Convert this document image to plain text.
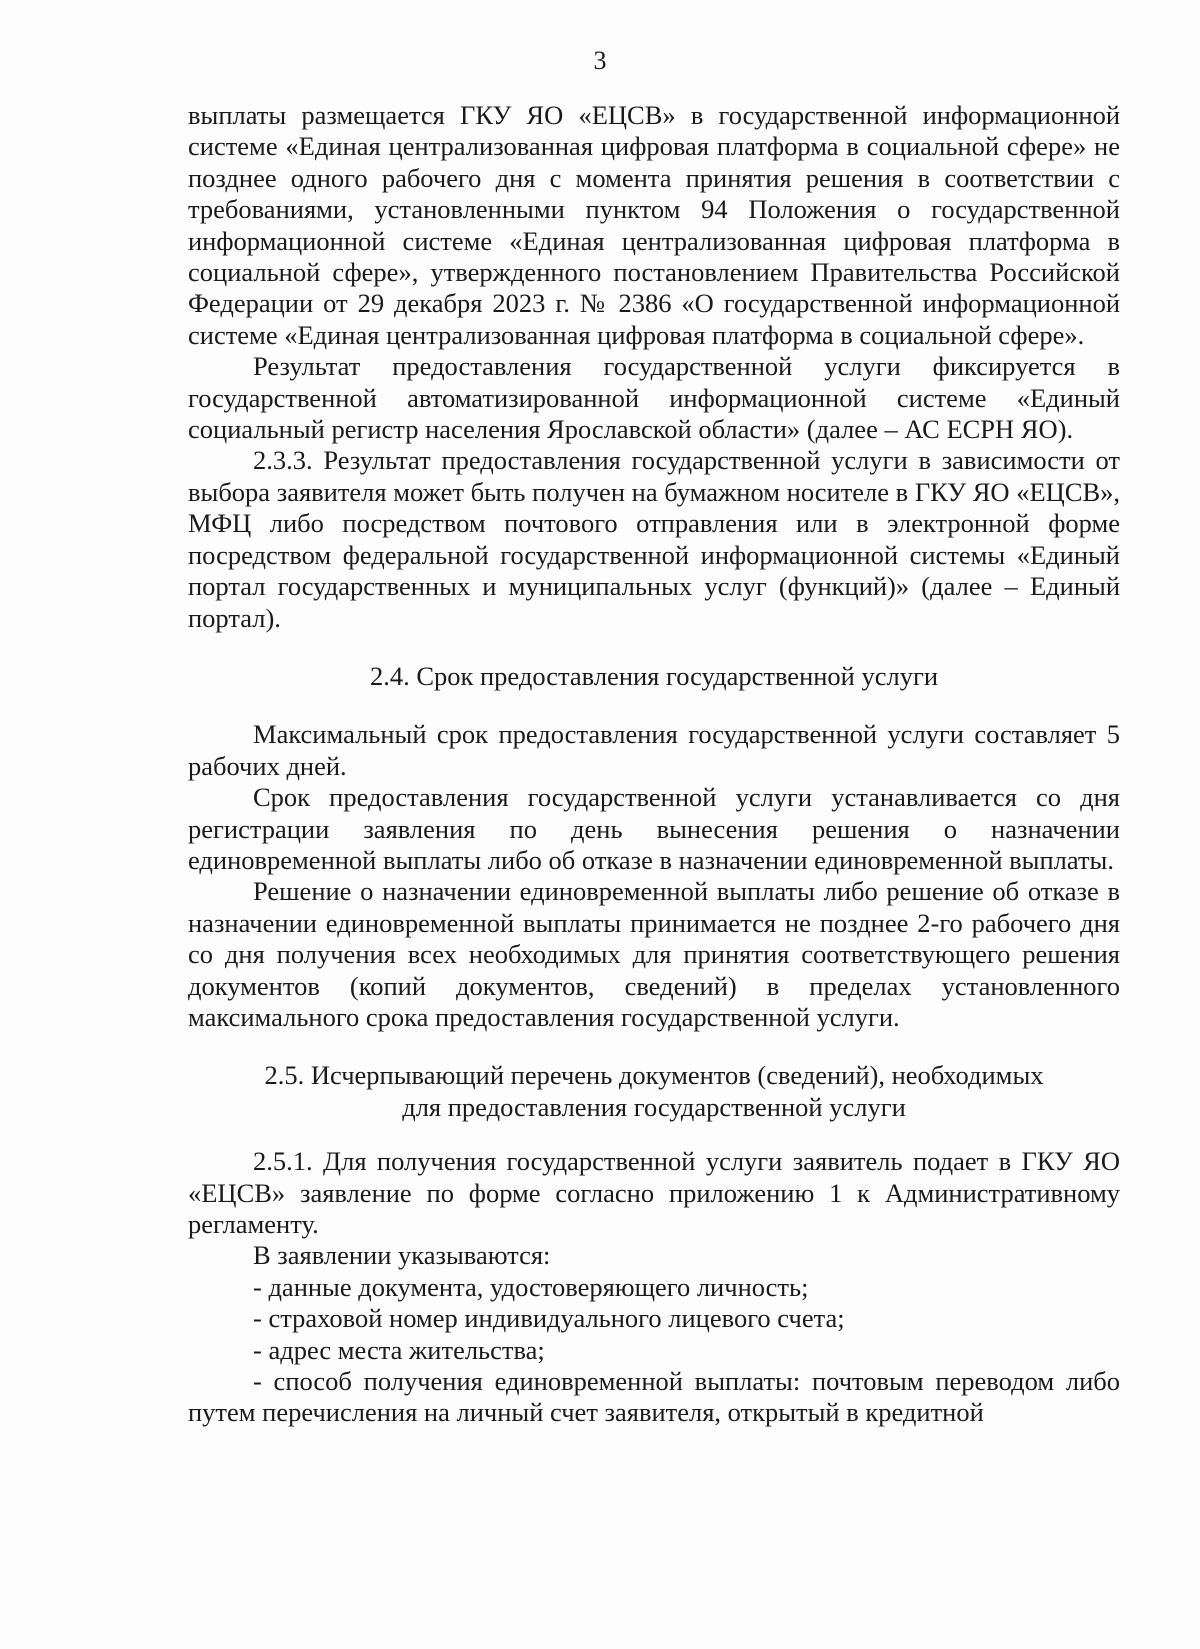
3

выплаты размещается ГКУ ЯО «ЕЦСВ» в государственной информационной системе «Единая централизованная цифровая платформа в социальной сфере» не позднее одного рабочего дня с момента принятия решения в соответствии с требованиями, установленными пунктом 94 Положения о государственной информационной системе «Единая централизованная цифровая платформа в социальной сфере», утвержденного постановлением Правительства Российской Федерации от 29 декабря 2023 г. № 2386 «О государственной информационной системе «Единая централизованная цифровая платформа в социальной сфере».

Результат предоставления государственной услуги фиксируется в государственной автоматизированной информационной системе «Единый социальный регистр населения Ярославской области» (далее – АС ЕСРН ЯО).

2.3.3. Результат предоставления государственной услуги в зависимости от выбора заявителя может быть получен на бумажном носителе в ГКУ ЯО «ЕЦСВ», МФЦ либо посредством почтового отправления или в электронной форме посредством федеральной государственной информационной системы «Единый портал государственных и муниципальных услуг (функций)» (далее – Единый портал).

2.4. Срок предоставления государственной услуги

Максимальный срок предоставления государственной услуги составляет 5 рабочих дней.

Срок предоставления государственной услуги устанавливается со дня регистрации заявления по день вынесения решения о назначении единовременной выплаты либо об отказе в назначении единовременной выплаты.

Решение о назначении единовременной выплаты либо решение об отказе в назначении единовременной выплаты принимается не позднее 2-го рабочего дня со дня получения всех необходимых для принятия соответствующего решения документов (копий документов, сведений) в пределах установленного максимального срока предоставления государственной услуги.

2.5. Исчерпывающий перечень документов (сведений), необходимых
для предоставления государственной услуги

2.5.1. Для получения государственной услуги заявитель подает в ГКУ ЯО «ЕЦСВ» заявление по форме согласно приложению 1 к Административному регламенту.

В заявлении указываются:

- данные документа, удостоверяющего личность;

- страховой номер индивидуального лицевого счета;

- адрес места жительства;

- способ получения единовременной выплаты: почтовым переводом либо путем перечисления на личный счет заявителя, открытый в кредитной
